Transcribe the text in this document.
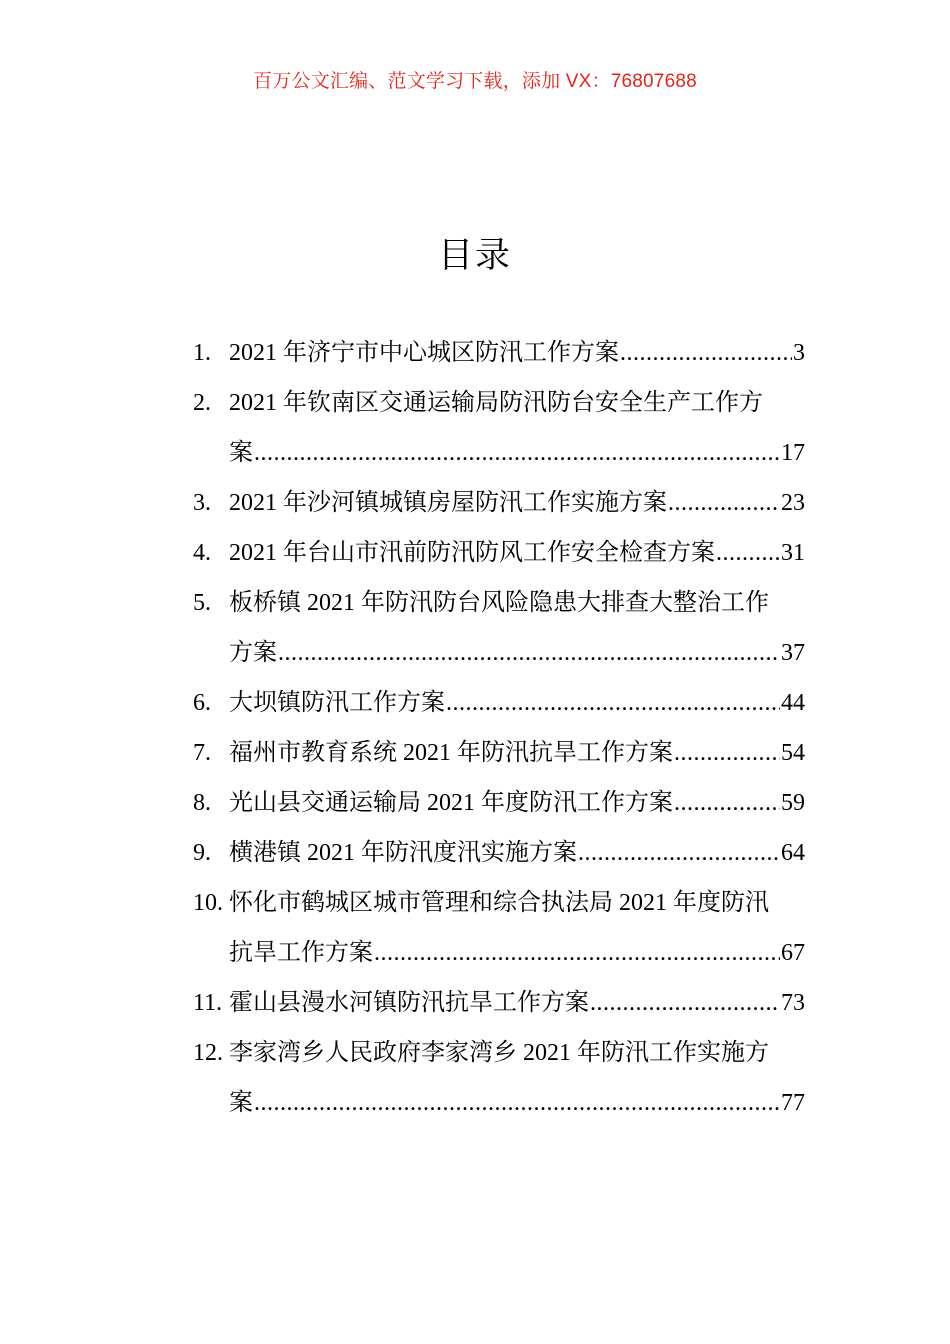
百万公文汇编、范文学习下载，添加 VX：76807688
目录
1. 2021 年济宁市中心城区防汛工作方案 .....	3
2. 2021 年钦南区交通运输局防汛防台安全生产工作方
案 .....	17
3. 2021 年沙河镇城镇房屋防汛工作实施方案 .....	23
4. 2021 年台山市汛前防汛防风工作安全检查方案 .....	31
5. 板桥镇 2021 年防汛防台风险隐患大排查大整治工作
方案 .....	37
6. 大坝镇防汛工作方案 .....	44
7. 福州市教育系统 2021 年防汛抗旱工作方案 .....	54
8. 光山县交通运输局 2021 年度防汛工作方案 .....	59
9. 横港镇 2021 年防汛度汛实施方案 .....	64
10. 怀化市鹤城区城市管理和综合执法局 2021 年度防汛
抗旱工作方案 .....	67
11. 霍山县漫水河镇防汛抗旱工作方案 .....	73
12. 李家湾乡人民政府李家湾乡 2021 年防汛工作实施方
案 .....	77
